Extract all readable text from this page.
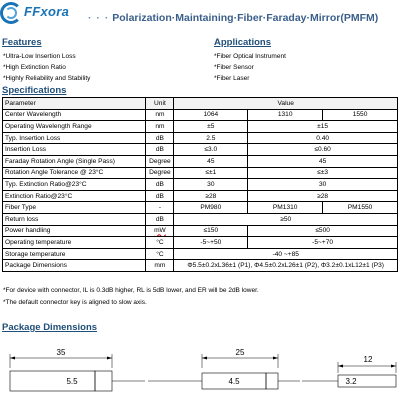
FFxora · · · Polarization·Maintaining·Fiber·Faraday·Mirror(PMFM)
Features
*Ultra-Low Insertion Loss
*High Extinction Ratio
*Highly Reliability and Stability
Applications
*Fiber Optical Instrument
*Fiber Sensor
*Fiber Laser
Specifications
Parameter	Unit	Value		
Center Wavelength	nm	1064	1310	1550
Operating Wavelength Range	nm	±5	±15	
Typ. Insertion Loss	dB	2.5	0.40	
Insertion Loss	dB	≤3.0	≤0.60	
Faraday Rotation Angle (Single Pass)	Degree	45	45	
Rotation Angle Tolerance @ 23°C	Degree	≤±1	≤±3	
Typ. Extinction Ratio@23°C	dB	30	30	
Extinction Ratio@23°C	dB	≥28	≥28	
Fiber Type	-	PM980	PM1310	PM1550
Return loss	dB	≥50		
Power handling	mW	≤150	≤500	
Operating temperature	°C	-5~+50	-5~+70	
Storage temperature	°C	-40 ~+85		
Package Dimensions	mm	Φ5.5±0.2xL36±1 (P1), Φ4.5±0.2xL26±1 (P2), Φ3.2±0.1xL12±1 (P3)		
*For device with connector, IL is 0.3dB higher, RL is 5dB lower, and ER will be 2dB lower.
*The default connector key is aligned to slow axis.
Package Dimensions
35
5.5
25
4.5
12
3.2
